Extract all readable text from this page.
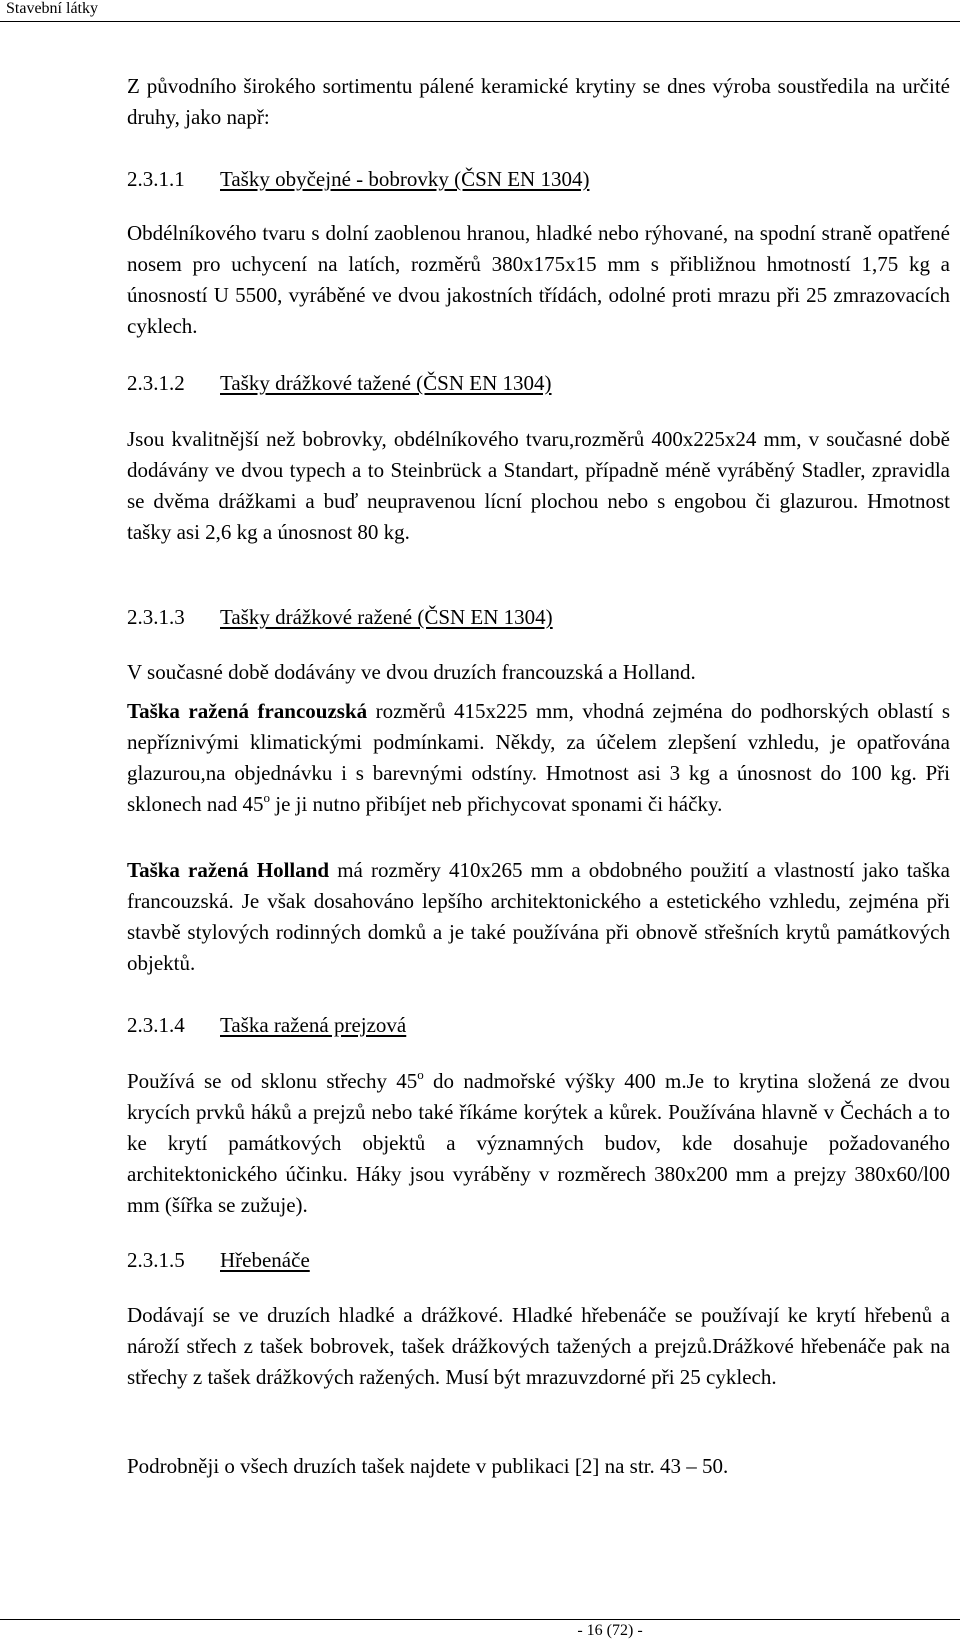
Stavební látky
Z původního širokého sortimentu pálené keramické krytiny se dnes výroba soustředila na určité druhy, jako např:
2.3.1.1 Tašky obyčejné - bobrovky (ČSN EN 1304)
Obdélníkového tvaru s dolní zaoblenou hranou, hladké nebo rýhované, na spodní straně opatřené nosem pro uchycení na latích, rozměrů 380x175x15 mm s přibližnou hmotností 1,75 kg a únosností U 5500, vyráběné ve dvou jakostních třídách, odolné proti mrazu při 25 zmrazovacích cyklech.
2.3.1.2 Tašky drážkové tažené (ČSN EN 1304)
Jsou kvalitnější než bobrovky, obdélníkového tvaru,rozměrů 400x225x24 mm, v současné době dodávány ve dvou typech a to Steinbrück a Standart, případně méně vyráběný Stadler, zpravidla se dvěma drážkami a buď neupravenou lícní plochou nebo s engobou či glazurou. Hmotnost tašky asi 2,6 kg a únosnost 80 kg.
2.3.1.3 Tašky drážkové ražené (ČSN EN 1304)
V současné době dodávány ve dvou druzích francouzská a Holland.
Taška ražená francouzská rozměrů 415x225 mm, vhodná zejména do podhorských oblastí s nepříznivými klimatickými podmínkami. Někdy, za účelem zlepšení vzhledu, je opatřována glazurou,na objednávku i s barevnými odstíny. Hmotnost asi 3 kg a únosnost do 100 kg. Při sklonech nad 45$^o$ je ji nutno přibíjet neb přichycovat sponami či háčky.
Taška ražená Holland má rozměry 410x265 mm a obdobného použití a vlastností jako taška francouzská. Je však dosahováno lepšího architektonického a estetického vzhledu, zejména při stavbě stylových rodinných domků a je také používána při obnově střešních krytů památkových objektů.
2.3.1.4 Taška ražená prejzová
Používá se od sklonu střechy 45$^o$ do nadmořské výšky 400 m.Je to krytina složená ze dvou krycích prvků háků a prejzů nebo také říkáme korýtek a kůrek. Používána hlavně v Čechách a to ke krytí památkových objektů a významných budov, kde dosahuje požadovaného architektonického účinku. Háky jsou vyráběny v rozměrech 380x200 mm a prejzy 380x60/l00 mm (šířka se zužuje).
2.3.1.5 Hřebenáče
Dodávají se ve druzích hladké a drážkové. Hladké hřebenáče se používají ke krytí hřebenů a nároží střech z tašek bobrovek, tašek drážkových tažených a prejzů.Drážkové hřebenáče pak na střechy z tašek drážkových ražených. Musí být mrazuvzdorné při 25 cyklech.
Podrobněji o všech druzích tašek najdete v publikaci [2] na str. 43 – 50.
- 16 (72) -
